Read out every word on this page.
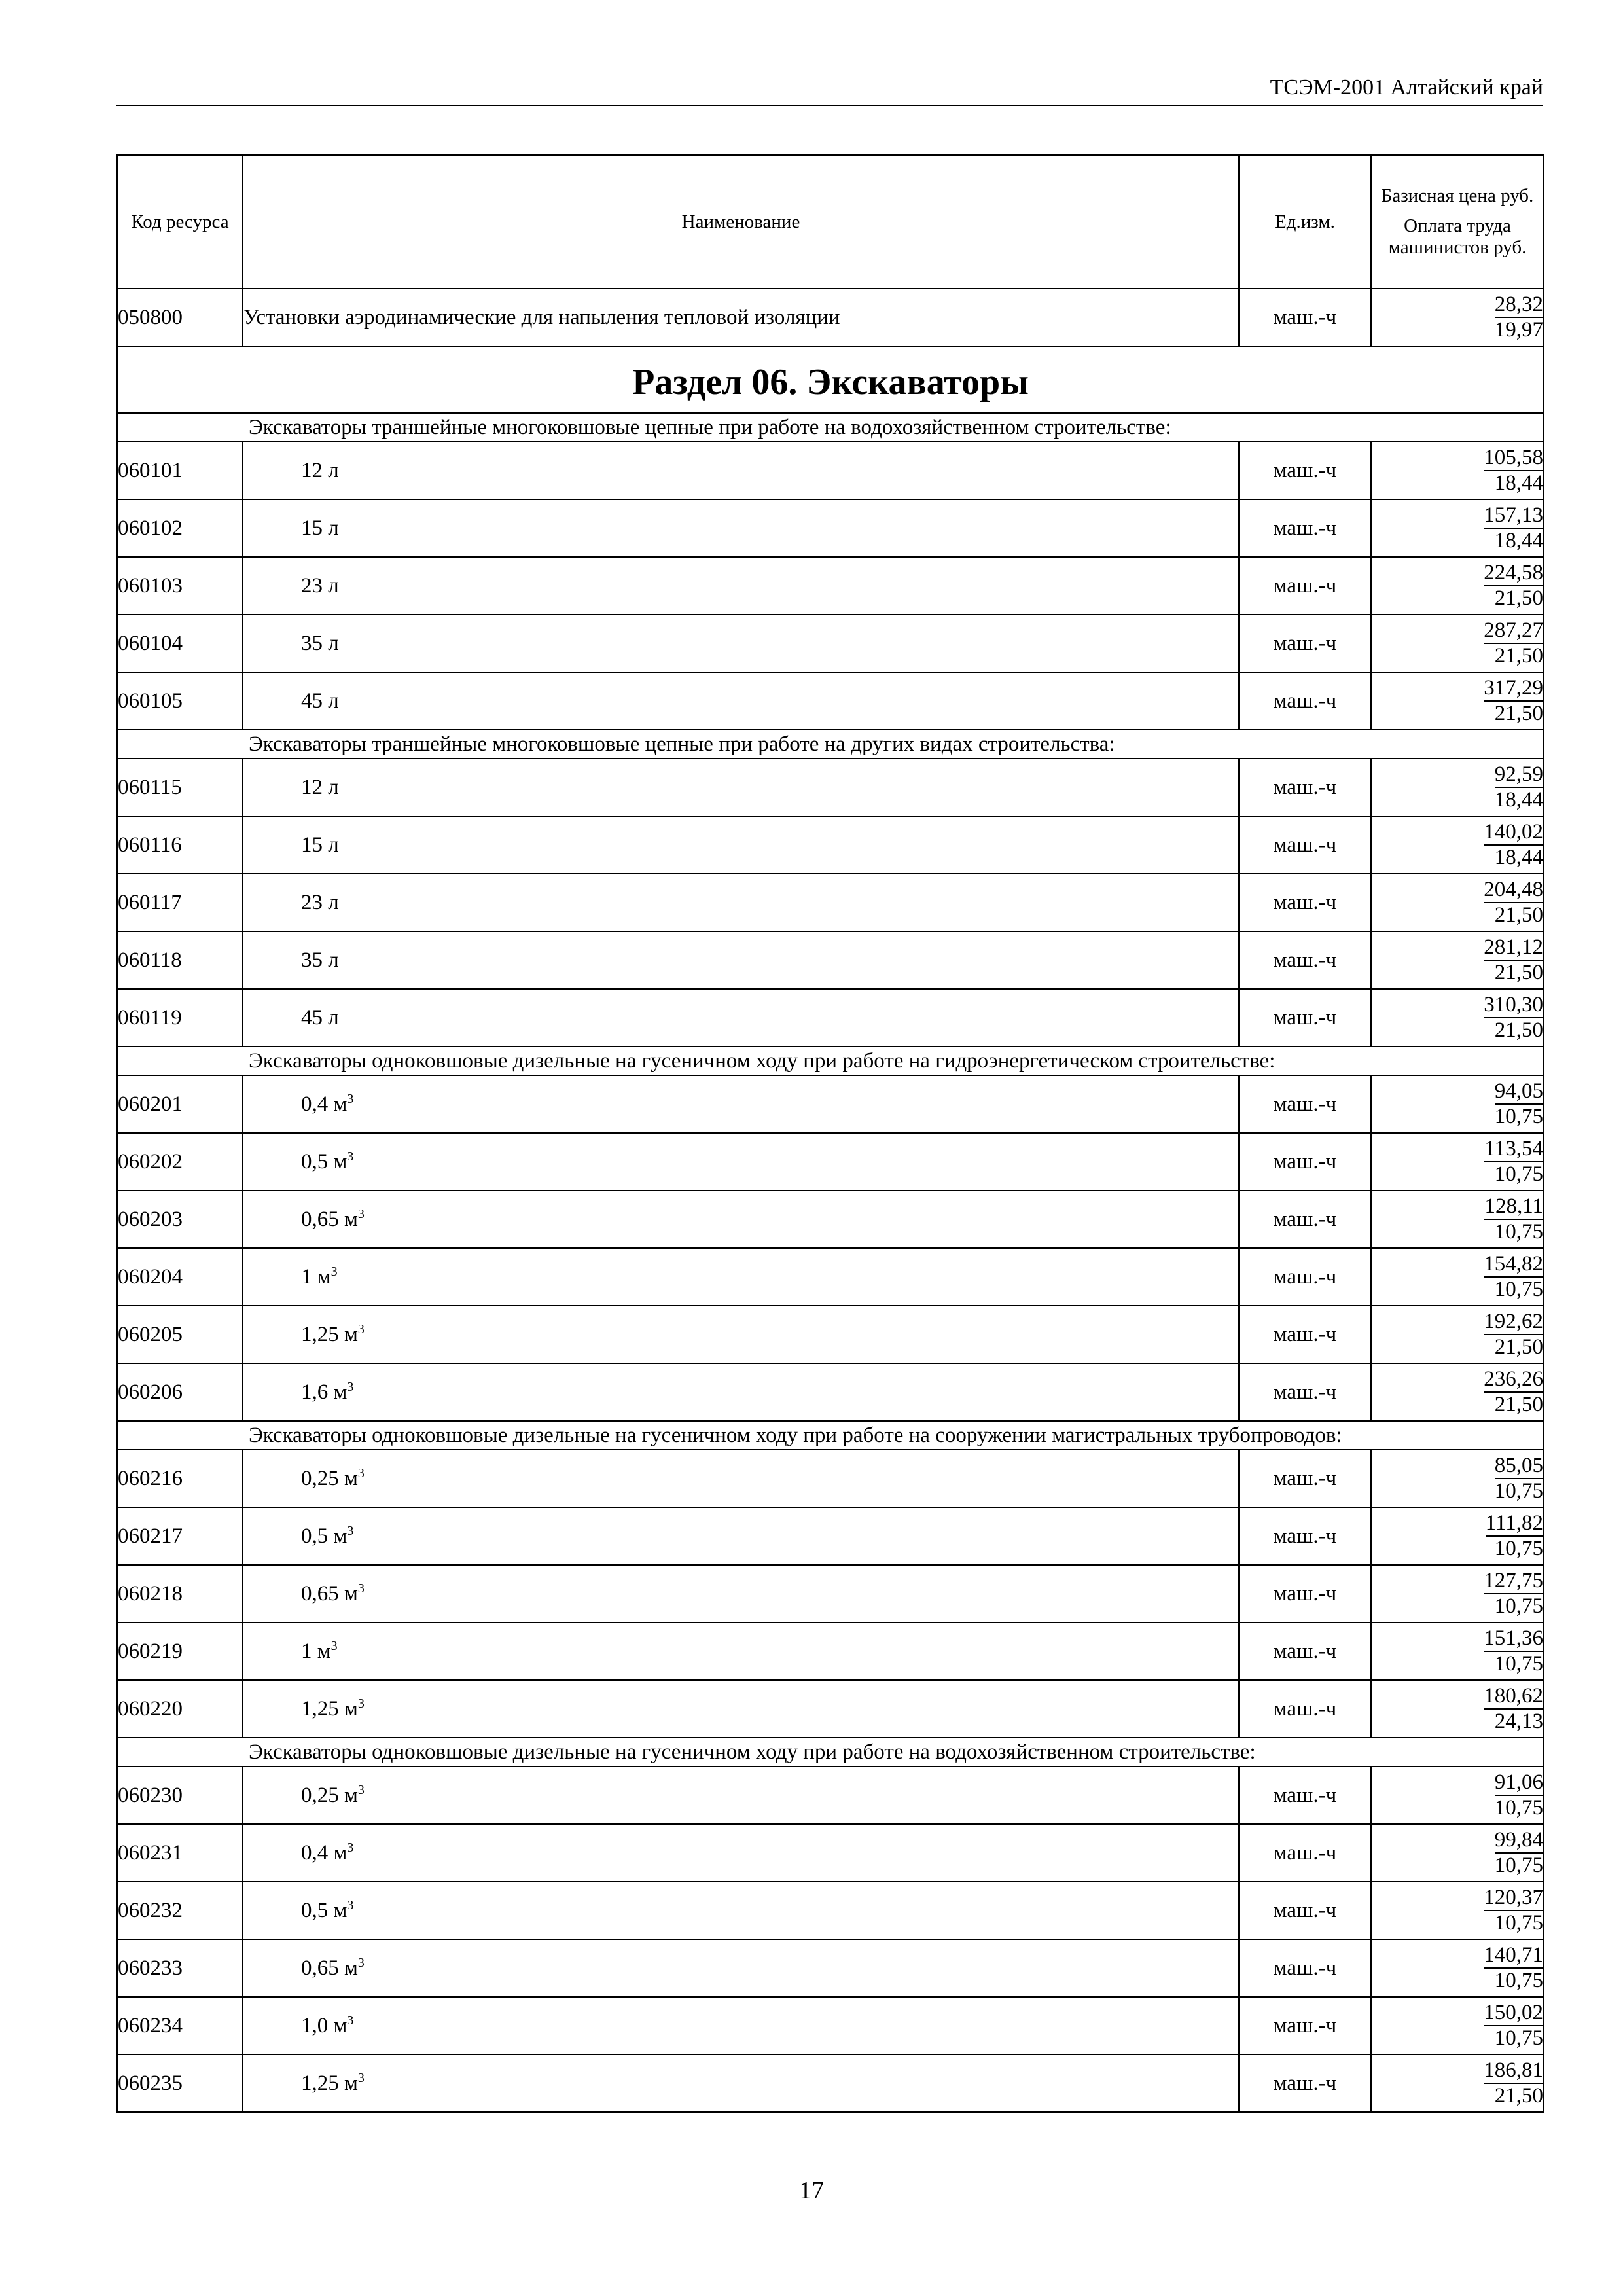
ТСЭМ-2001 Алтайский край
Код ресурса	Наименование	Ед.изм.	Базисная цена руб.
Оплата труда машинистов руб.

050800	Установки аэродинамические для напыления тепловой изоляции	маш.-ч	$\frac{28,32}{19,97}$

Раздел 06. Экскаваторы			
Экскаваторы траншейные многоковшовые цепные при работе на водохозяйственном строительстве:			
060101	12 л	маш.-ч	$\frac{105,58}{18,44}$

060102	15 л	маш.-ч	$\frac{157,13}{18,44}$

060103	23 л	маш.-ч	$\frac{224,58}{21,50}$

060104	35 л	маш.-ч	$\frac{287,27}{21,50}$

060105	45 л	маш.-ч	$\frac{317,29}{21,50}$

Экскаваторы траншейные многоковшовые цепные при работе на других видах строительства:			
060115	12 л	маш.-ч	$\frac{92,59}{18,44}$

060116	15 л	маш.-ч	$\frac{140,02}{18,44}$

060117	23 л	маш.-ч	$\frac{204,48}{21,50}$

060118	35 л	маш.-ч	$\frac{281,12}{21,50}$

060119	45 л	маш.-ч	$\frac{310,30}{21,50}$

Экскаваторы одноковшовые дизельные на гусеничном ходу при работе на гидроэнергетическом строительстве:			
060201	0,4 $м^3$	маш.-ч	$\frac{94,05}{10,75}$

060202	0,5 $м^3$	маш.-ч	$\frac{113,54}{10,75}$

060203	0,65 $м^3$	маш.-ч	$\frac{128,11}{10,75}$

060204	1 $м^3$	маш.-ч	$\frac{154,82}{10,75}$

060205	1,25 $м^3$	маш.-ч	$\frac{192,62}{21,50}$

060206	1,6 $м^3$	маш.-ч	$\frac{236,26}{21,50}$

Экскаваторы одноковшовые дизельные на гусеничном ходу при работе на сооружении магистральных трубопроводов:			
060216	0,25 $м^3$	маш.-ч	$\frac{85,05}{10,75}$

060217	0,5 $м^3$	маш.-ч	$\frac{111,82}{10,75}$

060218	0,65 $м^3$	маш.-ч	$\frac{127,75}{10,75}$

060219	1 $м^3$	маш.-ч	$\frac{151,36}{10,75}$

060220	1,25 $м^3$	маш.-ч	$\frac{180,62}{24,13}$

Экскаваторы одноковшовые дизельные на гусеничном ходу при работе на водохозяйственном строительстве:			
060230	0,25 $м^3$	маш.-ч	$\frac{91,06}{10,75}$

060231	0,4 $м^3$	маш.-ч	$\frac{99,84}{10,75}$

060232	0,5 $м^3$	маш.-ч	$\frac{120,37}{10,75}$

060233	0,65 $м^3$	маш.-ч	$\frac{140,71}{10,75}$

060234	1,0 $м^3$	маш.-ч	$\frac{150,02}{10,75}$

060235	1,25 $м^3$	маш.-ч	$\frac{186,81}{21,50}$
17
